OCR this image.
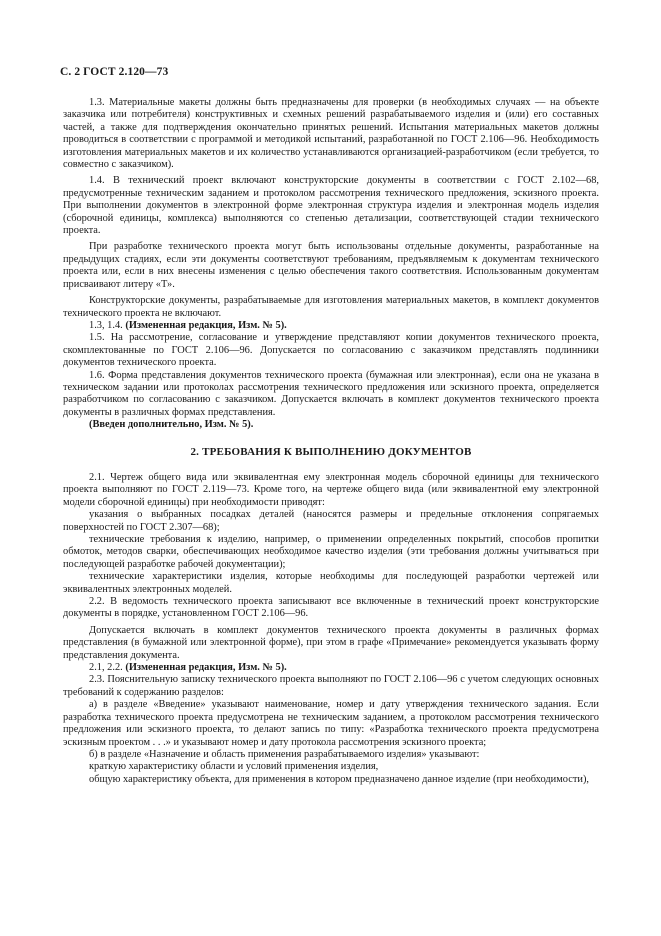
С. 2 ГОСТ 2.120—73

1.3. Материальные макеты должны быть предназначены для проверки (в необходимых случаях — на объекте заказчика или потребителя) конструктивных и схемных решений разрабатываемого изделия и (или) его составных частей, а также для подтверждения окончательно принятых решений. Испытания материальных макетов должны проводиться в соответствии с программой и методикой испытаний, разработанной по ГОСТ 2.106—96. Необходимость изготовления материальных макетов и их количество устанавливаются организацией-разработчиком (если требуется, то совместно с заказчиком).

1.4. В технический проект включают конструкторские документы в соответствии с ГОСТ 2.102—68, предусмотренные техническим заданием и протоколом рассмотрения технического предложения, эскизного проекта. При выполнении документов в электронной форме электронная структура изделия и электронная модель изделия (сборочной единицы, комплекса) выполняются со степенью детализации, соответствующей стадии технического проекта.

При разработке технического проекта могут быть использованы отдельные документы, разработанные на предыдущих стадиях, если эти документы соответствуют требованиям, предъявляемым к документам технического проекта или, если в них внесены изменения с целью обеспечения такого соответствия. Использованным документам присваивают литеру «Т».

Конструкторские документы, разрабатываемые для изготовления материальных макетов, в комплект документов технического проекта не включают.

1.3, 1.4. (Измененная редакция, Изм. № 5).

1.5. На рассмотрение, согласование и утверждение представляют копии документов технического проекта, скомплектованные по ГОСТ 2.106—96. Допускается по согласованию с заказчиком представлять подлинники документов технического проекта.

1.6. Форма представления документов технического проекта (бумажная или электронная), если она не указана в техническом задании или протоколах рассмотрения технического предложения или эскизного проекта, определяется разработчиком по согласованию с заказчиком. Допускается включать в комплект документов технического проекта документы в различных формах представления.

(Введен дополнительно, Изм. № 5).

2. ТРЕБОВАНИЯ К ВЫПОЛНЕНИЮ ДОКУМЕНТОВ

2.1. Чертеж общего вида или эквивалентная ему электронная модель сборочной единицы для технического проекта выполняют по ГОСТ 2.119—73. Кроме того, на чертеже общего вида (или эквивалентной ему электронной модели сборочной единицы) при необходимости приводят:

указания о выбранных посадках деталей (наносятся размеры и предельные отклонения сопрягаемых поверхностей по ГОСТ 2.307—68);

технические требования к изделию, например, о применении определенных покрытий, способов пропитки обмоток, методов сварки, обеспечивающих необходимое качество изделия (эти требования должны учитываться при последующей разработке рабочей документации);

технические характеристики изделия, которые необходимы для последующей разработки чертежей или эквивалентных электронных моделей.

2.2. В ведомость технического проекта записывают все включенные в технический проект конструкторские документы в порядке, установленном ГОСТ 2.106—96.

Допускается включать в комплект документов технического проекта документы в различных формах представления (в бумажной или электронной форме), при этом в графе «Примечание» рекомендуется указывать форму представления документа.

2.1, 2.2. (Измененная редакция, Изм. № 5).

2.3. Пояснительную записку технического проекта выполняют по ГОСТ 2.106—96 с учетом следующих основных требований к содержанию разделов:

а) в разделе «Введение» указывают наименование, номер и дату утверждения технического задания. Если разработка технического проекта предусмотрена не техническим заданием, а протоколом рассмотрения технического предложения или эскизного проекта, то делают запись по типу: «Разработка технического проекта предусмотрена эскизным проектом . . .» и указывают номер и дату протокола рассмотрения эскизного проекта;

б) в разделе «Назначение и область применения разрабатываемого изделия» указывают:

краткую характеристику области и условий применения изделия,

общую характеристику объекта, для применения в котором предназначено данное изделие (при необходимости),
